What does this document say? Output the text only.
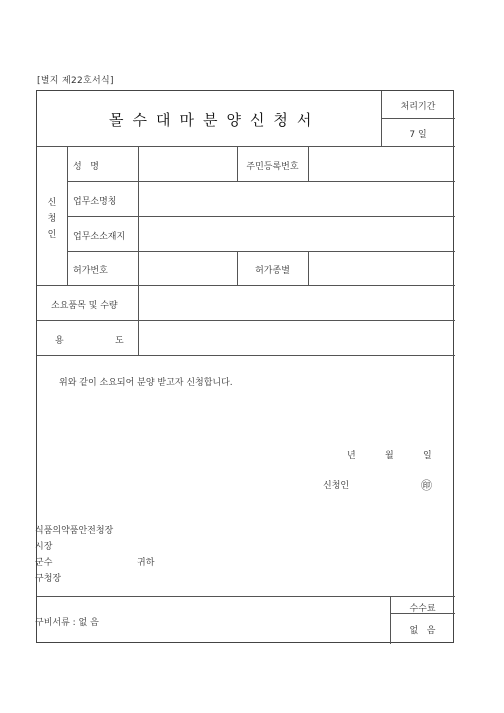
[별지 제22호서식]
몰수대마분양신청서
처리기간
7 일
신
청
인
성   명	주민등록번호
업무소명칭
업무소소재지
허가번호	허가종별
소요품목 및 수량
용	도
위와 같이 소요되어 분양 받고자 신청합니다.
년	월	일
신청인	㊞
식품의약품안전청장
시장
군수	귀하
구청장
구비서류 : 없 음
수수료
없   음
